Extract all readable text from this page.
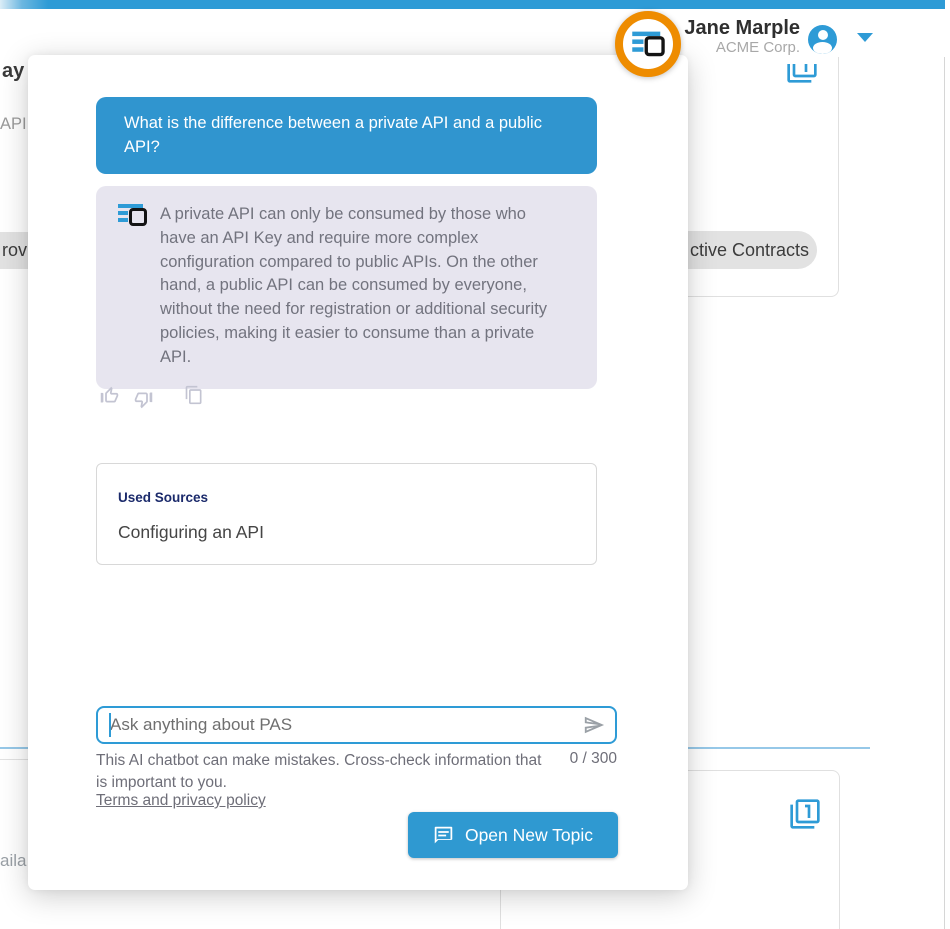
ay
API
aila
rov	ctive Contracts
Jane Marple
ACME Corp.
What is the difference between a private API and a public API?
A private API can only be consumed by those who have an API Key and require more complex configuration compared to public APIs. On the other hand, a public API can be consumed by everyone, without the need for registration or additional security policies, making it easier to consume than a private API.
Used Sources
Configuring an API
Ask anything about PAS
This AI chatbot can make mistakes. Cross-check information that is important to you.
0 / 300
Terms and privacy policy
Open New Topic
